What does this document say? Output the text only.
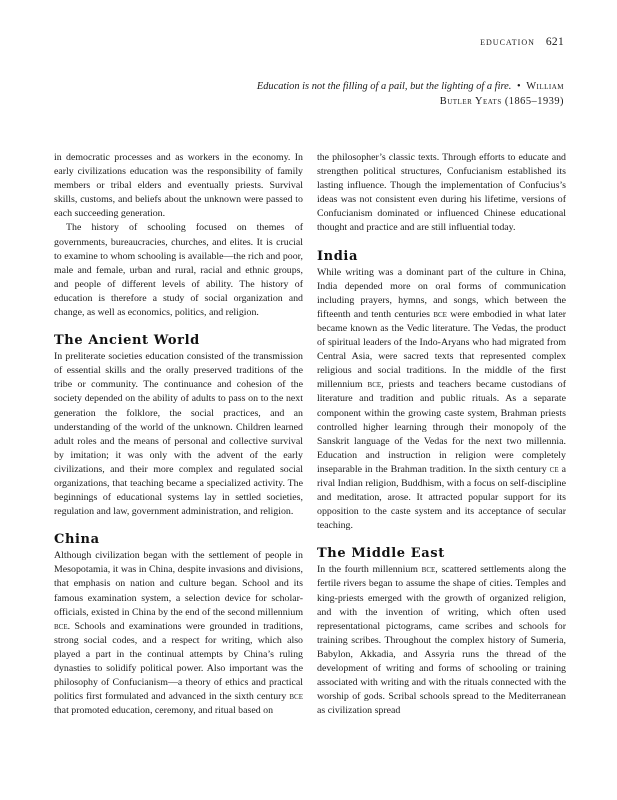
education 621
Education is not the filling of a pail, but the lighting of a fire. • William Butler Yeats (1865–1939)

in democratic processes and as workers in the economy. In early civilizations education was the responsibility of family members or tribal elders and eventually priests. Survival skills, customs, and beliefs about the unknown were passed to each succeeding generation.

The history of schooling focused on themes of governments, bureaucracies, churches, and elites. It is crucial to examine to whom schooling is available—the rich and poor, male and female, urban and rural, racial and ethnic groups, and people of different levels of ability. The history of education is therefore a study of social organization and change, as well as economics, politics, and religion.

The Ancient World

In preliterate societies education consisted of the transmission of essential skills and the orally preserved traditions of the tribe or community. The continuance and cohesion of the society depended on the ability of adults to pass on to the next generation the folklore, the social practices, and an understanding of the world of the unknown. Children learned adult roles and the means of personal and collective survival by imitation; it was only with the advent of the early civilizations, and their more complex and regulated social organizations, that teaching became a specialized activity. The beginnings of educational systems lay in settled societies, regulation and law, government administration, and religion.

China

Although civilization began with the settlement of people in Mesopotamia, it was in China, despite invasions and divisions, that emphasis on nation and culture began. School and its famous examination system, a selection device for scholar-officials, existed in China by the end of the second millennium bce. Schools and examinations were grounded in traditions, strong social codes, and a respect for writing, which also played a part in the continual attempts by China’s ruling dynasties to solidify political power. Also important was the philosophy of Confucianism—a theory of ethics and practical politics first formulated and advanced in the sixth century bce that promoted education, ceremony, and ritual based on

the philosopher’s classic texts. Through efforts to educate and strengthen political structures, Confucianism established its lasting influence. Though the implementation of Confucius’s ideas was not consistent even during his lifetime, versions of Confucianism dominated or influenced Chinese educational thought and practice and are still influential today.

India

While writing was a dominant part of the culture in China, India depended more on oral forms of communication including prayers, hymns, and songs, which between the fifteenth and tenth centuries bce were embodied in what later became known as the Vedic literature. The Vedas, the product of spiritual leaders of the Indo-Aryans who had migrated from Central Asia, were sacred texts that represented complex religious and social traditions. In the middle of the first millennium bce, priests and teachers became custodians of literature and tradition and public rituals. As a separate component within the growing caste system, Brahman priests controlled higher learning through their monopoly of the Sanskrit language of the Vedas for the next two millennia. Education and instruction in religion were completely inseparable in the Brahman tradition. In the sixth century ce a rival Indian religion, Buddhism, with a focus on self-discipline and meditation, arose. It attracted popular support for its opposition to the caste system and its acceptance of secular teaching.

The Middle East

In the fourth millennium bce, scattered settlements along the fertile rivers began to assume the shape of cities. Temples and king-priests emerged with the growth of organized religion, and with the invention of writing, which often used representational pictograms, came scribes and schools for training scribes. Throughout the complex history of Sumeria, Babylon, Akkadia, and Assyria runs the thread of the development of writing and forms of schooling or training associated with writing and with the rituals connected with the worship of gods. Scribal schools spread to the Mediterranean as civilization spread
